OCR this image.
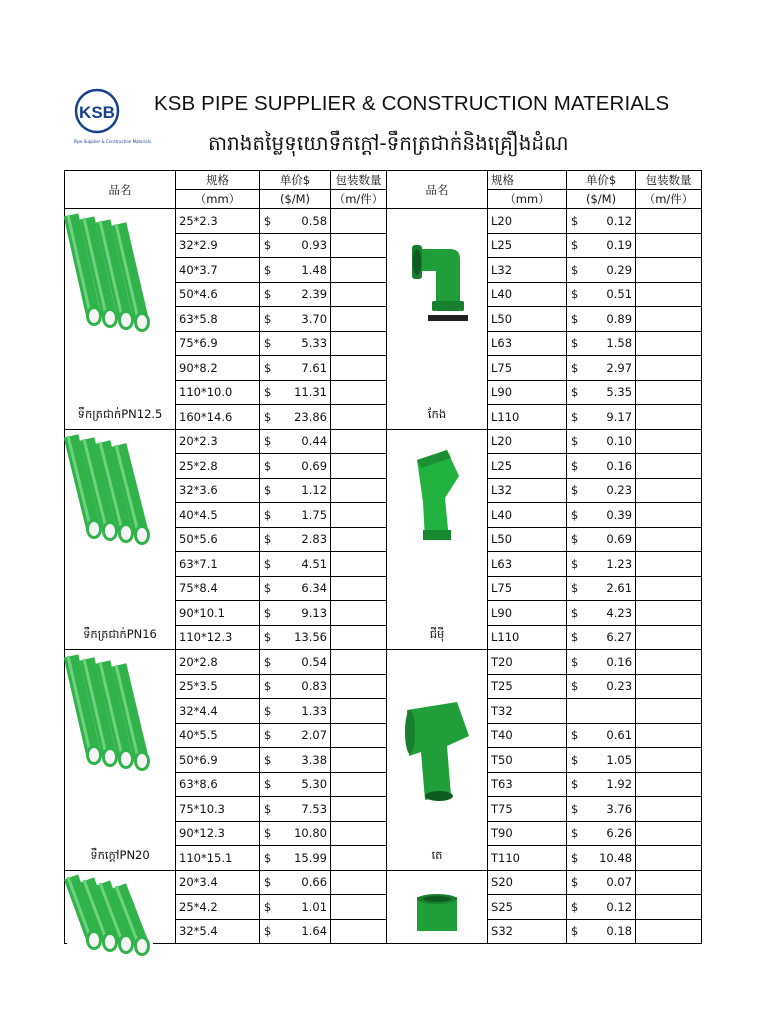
KSB
Pipe Supplier & Construction Materials
KSB PIPE SUPPLIER & CONSTRUCTION MATERIALS
តារាងតម្លៃទុយោទឹកក្តៅ-ទឹកត្រជាក់និងគ្រឿងដំណ
品名	规格	单价$		包装数量	品名	规格	单价$		包装数量
	（mm）	($/M)		（m/件）		（mm）	($/M)		（m/件）

ទឹកត្រជាក់PN12.5	25*2.3	$	0.58		កែង	L20	$	0.12	
	32*2.9	$	0.93			L25	$	0.19	
	40*3.7	$	1.48			L32	$	0.29	
	50*4.6	$	2.39			L40	$	0.51	
	63*5.8	$	3.70			L50	$	0.89	
	75*6.9	$	5.33			L63	$	1.58	
	90*8.2	$	7.61			L75	$	2.97	
	110*10.0	$	11.31			L90	$	5.35	
	160*14.6	$	23.86			L110	$	9.17	

ទឹកត្រជាក់PN16	20*2.3	$	0.44		ជីម៉ី	L20	$	0.10	
	25*2.8	$	0.69			L25	$	0.16	
	32*3.6	$	1.12			L32	$	0.23	
	40*4.5	$	1.75			L40	$	0.39	
	50*5.6	$	2.83			L50	$	0.69	
	63*7.1	$	4.51			L63	$	1.23	
	75*8.4	$	6.34			L75	$	2.61	
	90*10.1	$	9.13			L90	$	4.23	
	110*12.3	$	13.56			L110	$	6.27	

ទឹកក្តៅPN20	20*2.8	$	0.54		តេ	T20	$	0.16	
	25*3.5	$	0.83			T25	$	0.23	
	32*4.4	$	1.33			T32			
	40*5.5	$	2.07			T40	$	0.61	
	50*6.9	$	3.38			T50	$	1.05	
	63*8.6	$	5.30			T63	$	1.92	
	75*10.3	$	7.53			T75	$	3.76	
	90*12.3	$	10.80			T90	$	6.26	
	110*15.1	$	15.99			T110	$	10.48	

	20*3.4	$	0.66			S20	$	0.07	
	25*4.2	$	1.01			S25	$	0.12	
	32*5.4	$	1.64			S32	$	0.18	
